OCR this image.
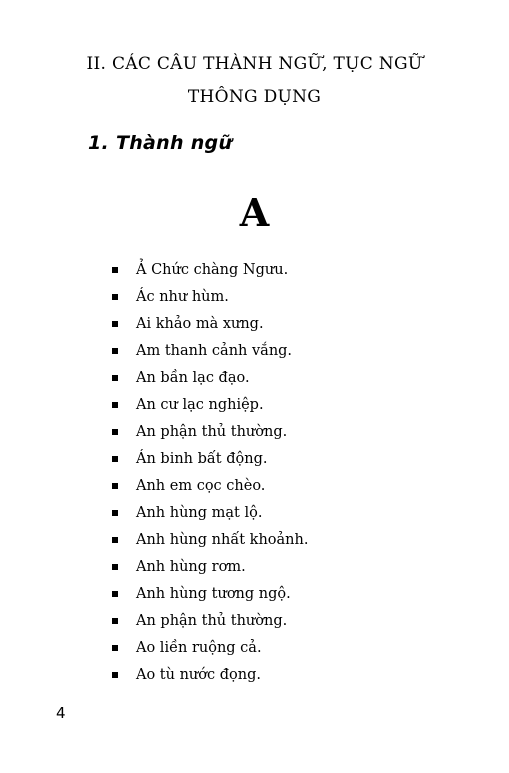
II. CÁC CÂU THÀNH NGỮ, TỤC NGỮ
THÔNG DỤNG
1. Thành ngữ
A
Ả Chức chàng Ngưu.
Ác như hùm.
Ai khảo mà xưng.
Am thanh cảnh vắng.
An bần lạc đạo.
An cư lạc nghiệp.
An phận thủ thường.
Án binh bất động.
Anh em cọc chèo.
Anh hùng mạt lộ.
Anh hùng nhất khoảnh.
Anh hùng rơm.
Anh hùng tương ngộ.
An phận thủ thường.
Ao liền ruộng cả.
Ao tù nước đọng.
4
